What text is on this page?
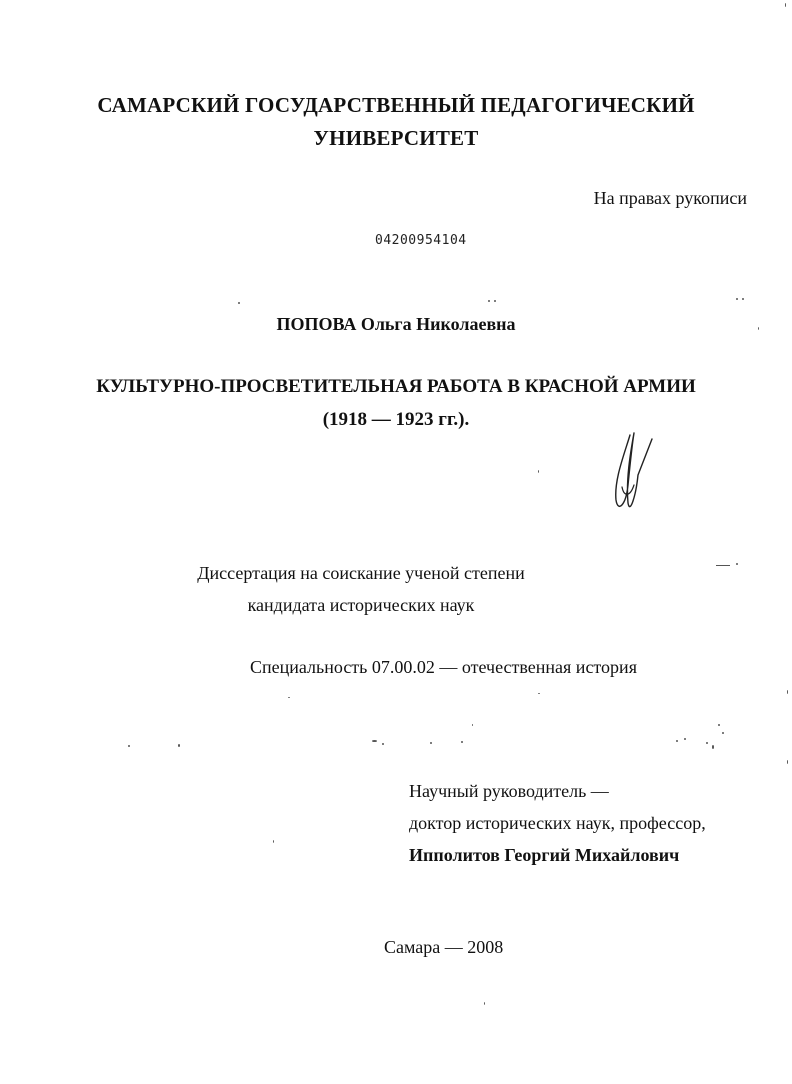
САМАРСКИЙ ГОСУДАРСТВЕННЫЙ ПЕДАГОГИЧЕСКИЙ
УНИВЕРСИТЕТ
На правах рукописи
04200954104
ПОПОВА Ольга Николаевна
КУЛЬТУРНО-ПРОСВЕТИТЕЛЬНАЯ РАБОТА В КРАСНОЙ АРМИИ
(1918 — 1923 гг.).
Диссертация на соискание ученой степени
кандидата исторических наук
Специальность 07.00.02 — отечественная история
Научный руководитель —
доктор исторических наук, профессор,
Ипполитов Георгий Михайлович
Самара — 2008
